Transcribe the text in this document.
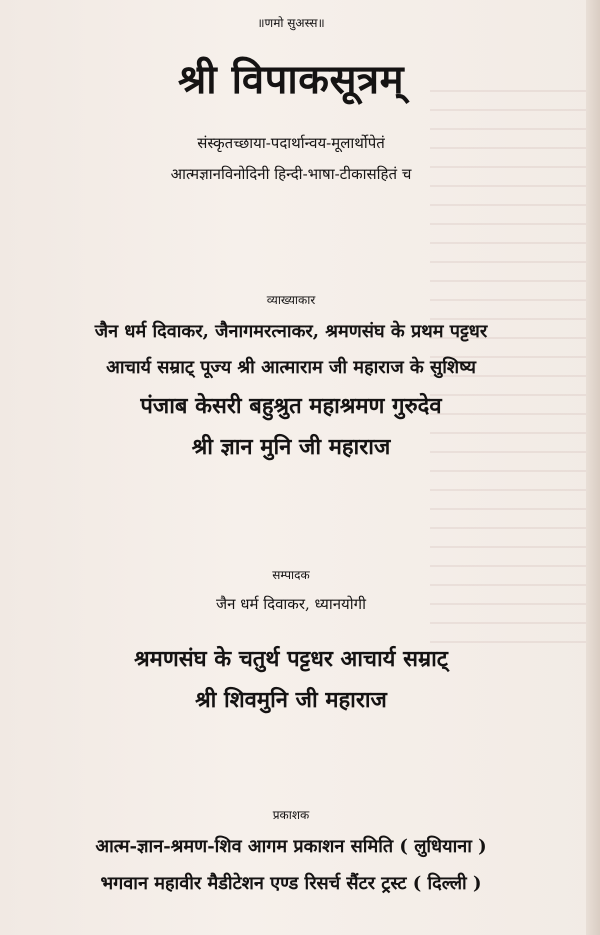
॥णमो सुअस्स॥
श्री विपाकसूत्रम्
संस्कृतच्छाया-पदार्थान्वय-मूलार्थोपेतं
आत्मज्ञानविनोदिनी हिन्दी-भाषा-टीकासहितं च
व्याख्याकार
जैन धर्म दिवाकर, जैनागमरत्नाकर, श्रमणसंघ के प्रथम पट्टधर
आचार्य सम्राट् पूज्य श्री आत्माराम जी महाराज के सुशिष्य
पंजाब केसरी बहुश्रुत महाश्रमण गुरुदेव
श्री ज्ञान मुनि जी महाराज
सम्पादक
जैन धर्म दिवाकर, ध्यानयोगी
श्रमणसंघ के चतुर्थ पट्टधर आचार्य सम्राट्
श्री शिवमुनि जी महाराज
प्रकाशक
आत्म-ज्ञान-श्रमण-शिव आगम प्रकाशन समिति ( लुधियाना )
भगवान महावीर मैडीटेशन एण्ड रिसर्च सैंटर ट्रस्ट ( दिल्ली )
